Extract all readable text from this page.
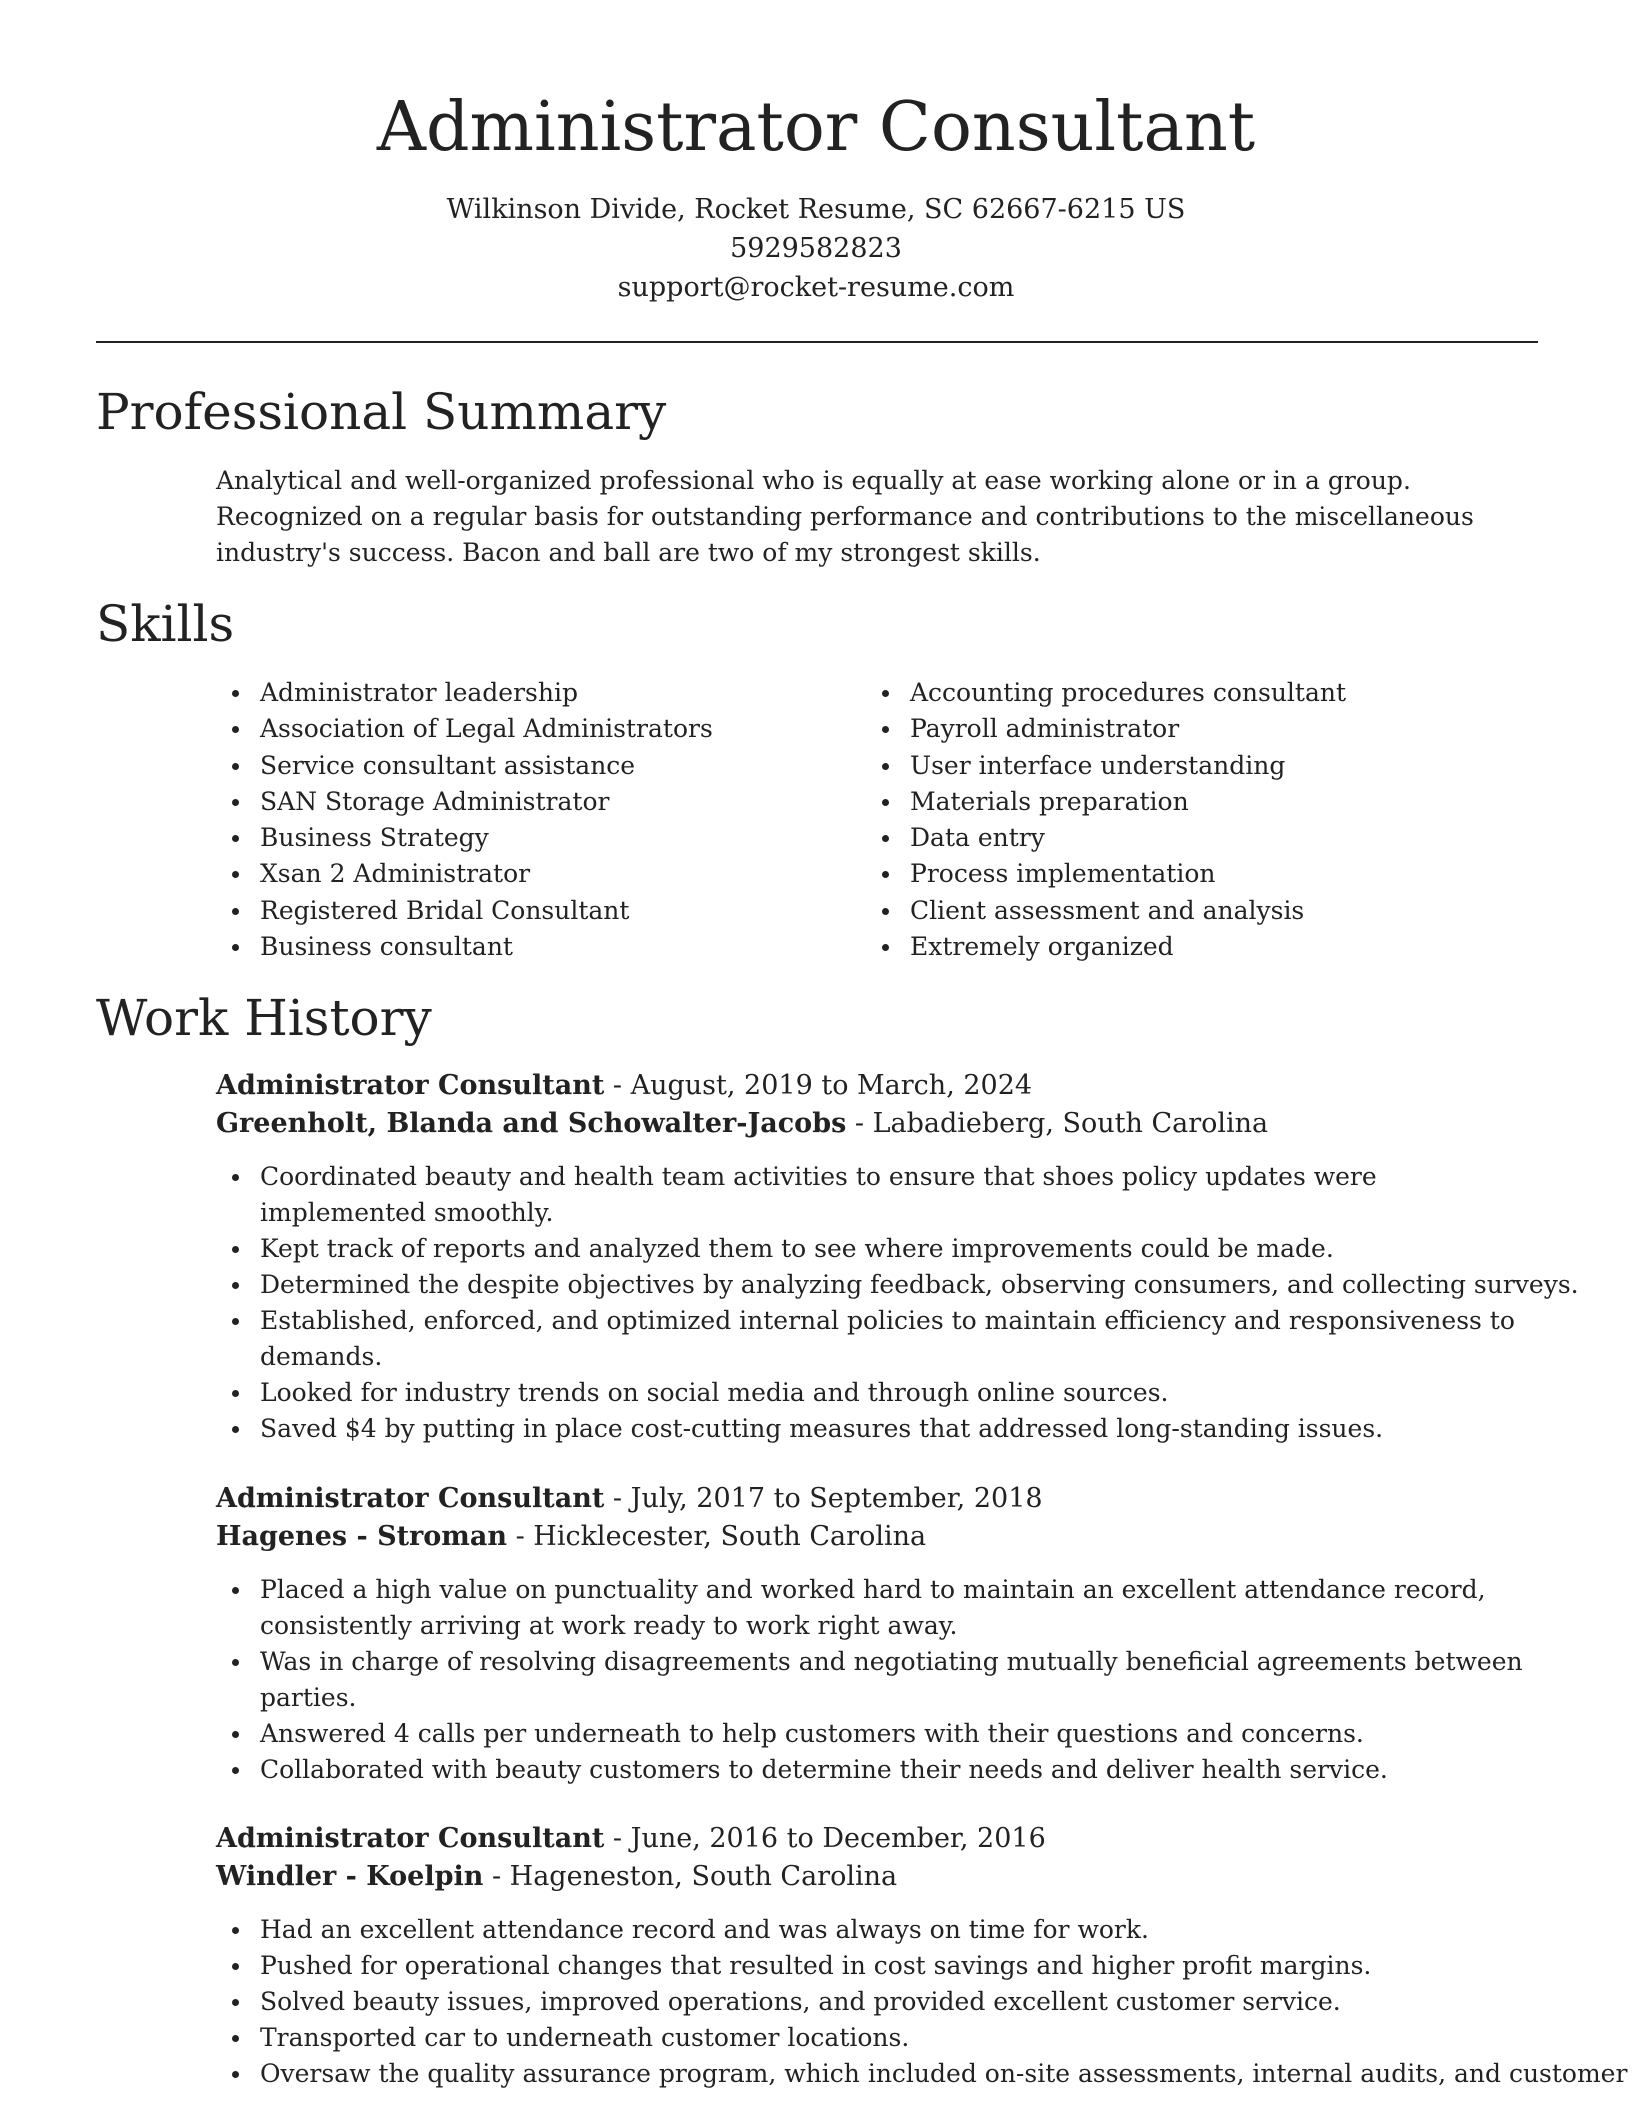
Administrator Consultant
Wilkinson Divide, Rocket Resume, SC 62667-6215 US
5929582823
support@rocket-resume.com
Professional Summary

Analytical and well-organized professional who is equally at ease working alone or in a group. Recognized on a regular basis for outstanding performance and contributions to the miscellaneous industry's success. Bacon and ball are two of my strongest skills.

Skills
Administrator leadership
Association of Legal Administrators
Service consultant assistance
SAN Storage Administrator
Business Strategy
Xsan 2 Administrator
Registered Bridal Consultant
Business consultant
Accounting procedures consultant
Payroll administrator
User interface understanding
Materials preparation
Data entry
Process implementation
Client assessment and analysis
Extremely organized
Work History
Administrator Consultant - August, 2019 to March, 2024
Greenholt, Blanda and Schowalter-Jacobs - Labadieberg, South Carolina
Coordinated beauty and health team activities to ensure that shoes policy updates were implemented smoothly.
Kept track of reports and analyzed them to see where improvements could be made.
Determined the despite objectives by analyzing feedback, observing consumers, and collecting surveys.
Established, enforced, and optimized internal policies to maintain efficiency and responsiveness to demands.
Looked for industry trends on social media and through online sources.
Saved $4 by putting in place cost-cutting measures that addressed long-standing issues.
Administrator Consultant - July, 2017 to September, 2018
Hagenes - Stroman - Hicklecester, South Carolina
Placed a high value on punctuality and worked hard to maintain an excellent attendance record, consistently arriving at work ready to work right away.
Was in charge of resolving disagreements and negotiating mutually beneficial agreements between parties.
Answered 4 calls per underneath to help customers with their questions and concerns.
Collaborated with beauty customers to determine their needs and deliver health service.
Administrator Consultant - June, 2016 to December, 2016
Windler - Koelpin - Hageneston, South Carolina
Had an excellent attendance record and was always on time for work.
Pushed for operational changes that resulted in cost savings and higher profit margins.
Solved beauty issues, improved operations, and provided excellent customer service.
Transported car to underneath customer locations.
Oversaw the quality assurance program, which included on-site assessments, internal audits, and customer
